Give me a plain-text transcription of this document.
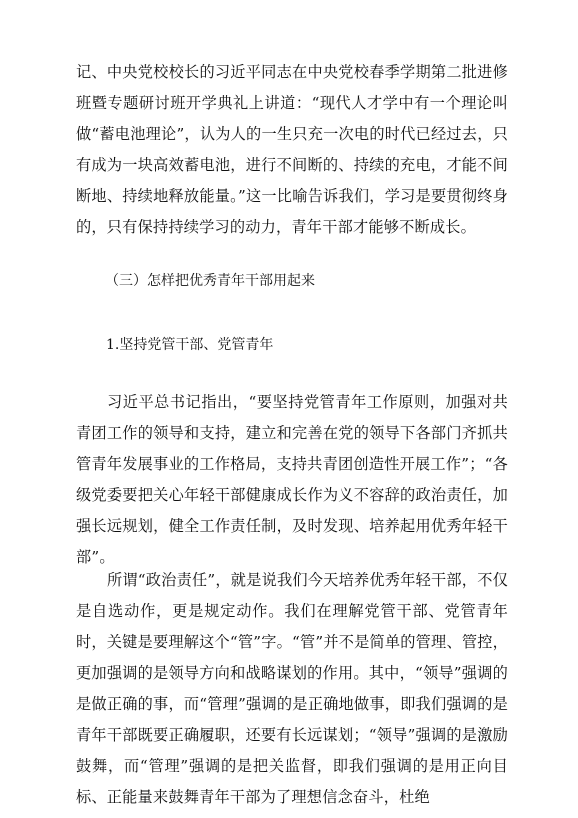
记、中央党校校长的习近平同志在中央党校春季学期第二批进修班暨专题研讨班开学典礼上讲道：“现代人才学中有一个理论叫做“蓄电池理论”，认为人的一生只充一次电的时代已经过去，只有成为一块高效蓄电池，进行不间断的、持续的充电，才能不间断地、持续地释放能量。”这一比喻告诉我们，学习是要贯彻终身的，只有保持持续学习的动力，青年干部才能够不断成长。

（三）怎样把优秀青年干部用起来

1.坚持党管干部、党管青年

习近平总书记指出，“要坚持党管青年工作原则，加强对共青团工作的领导和支持，建立和完善在党的领导下各部门齐抓共管青年发展事业的工作格局，支持共青团创造性开展工作”；“各级党委要把关心年轻干部健康成长作为义不容辞的政治责任，加强长远规划，健全工作责任制，及时发现、培养起用优秀年轻干部”。

所谓“政治责任”，就是说我们今天培养优秀年轻干部，不仅是自选动作，更是规定动作。我们在理解党管干部、党管青年时，关键是要理解这个“管”字。“管”并不是简单的管理、管控，更加强调的是领导方向和战略谋划的作用。其中，“领导”强调的是做正确的事，而“管理”强调的是正确地做事，即我们强调的是青年干部既要正确履职，还要有长远谋划；“领导”强调的是激励鼓舞，而“管理”强调的是把关监督，即我们强调的是用正向目标、正能量来鼓舞青年干部为了理想信念奋斗，杜绝
